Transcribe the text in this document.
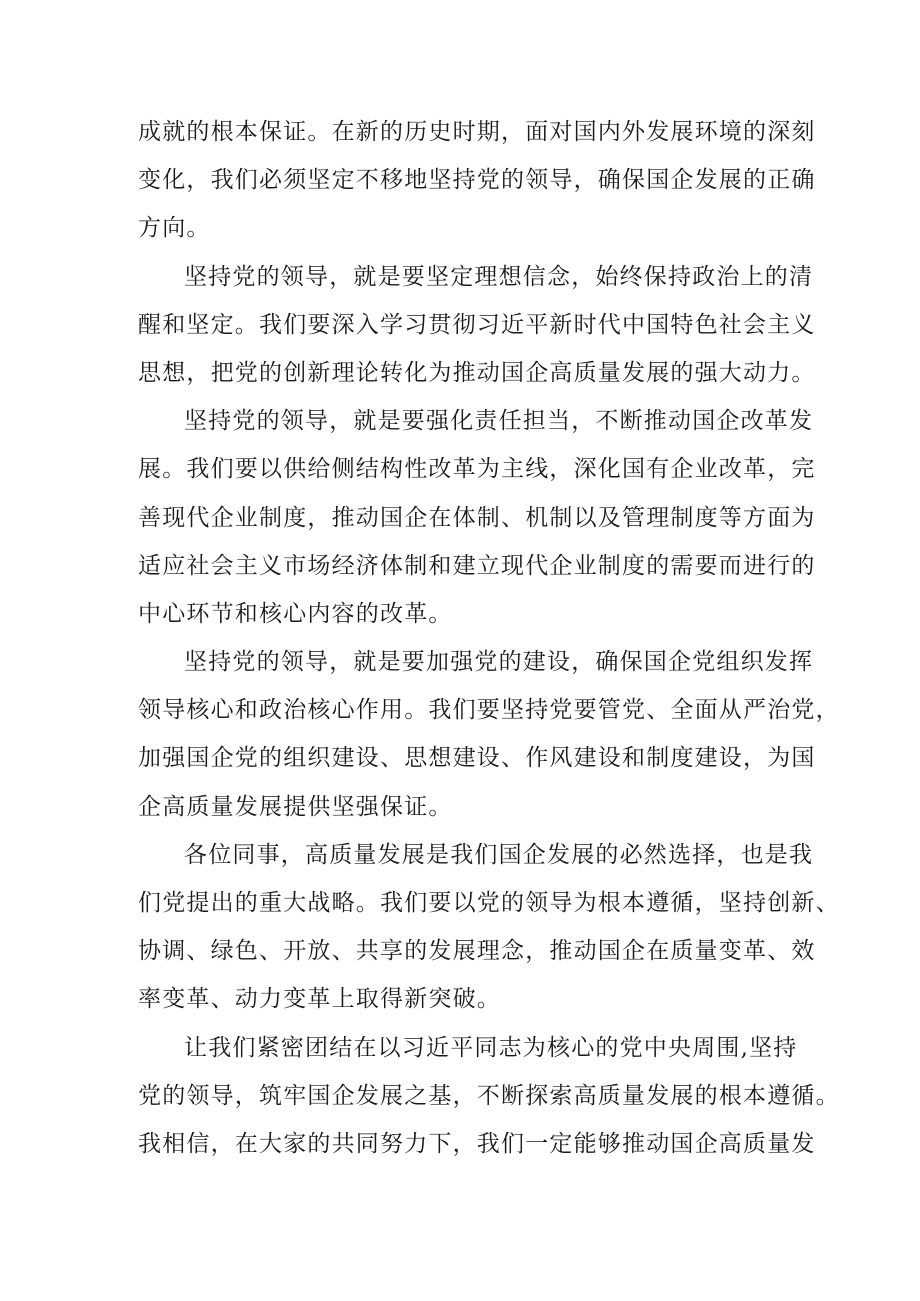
成就的根本保证。在新的历史时期，面对国内外发展环境的深刻
变化，我们必须坚定不移地坚持党的领导，确保国企发展的正确
方向。
坚持党的领导，就是要坚定理想信念，始终保持政治上的清
醒和坚定。我们要深入学习贯彻习近平新时代中国特色社会主义
思想，把党的创新理论转化为推动国企高质量发展的强大动力。
坚持党的领导，就是要强化责任担当，不断推动国企改革发
展。我们要以供给侧结构性改革为主线，深化国有企业改革，完
善现代企业制度，推动国企在体制、机制以及管理制度等方面为
适应社会主义市场经济体制和建立现代企业制度的需要而进行的
中心环节和核心内容的改革。
坚持党的领导，就是要加强党的建设，确保国企党组织发挥
领导核心和政治核心作用。我们要坚持党要管党、全面从严治党，
加强国企党的组织建设、思想建设、作风建设和制度建设，为国
企高质量发展提供坚强保证。
各位同事，高质量发展是我们国企发展的必然选择，也是我
们党提出的重大战略。我们要以党的领导为根本遵循，坚持创新、
协调、绿色、开放、共享的发展理念，推动国企在质量变革、效
率变革、动力变革上取得新突破。
让我们紧密团结在以习近平同志为核心的党中央周围,坚持
党的领导，筑牢国企发展之基，不断探索高质量发展的根本遵循。
我相信，在大家的共同努力下，我们一定能够推动国企高质量发
